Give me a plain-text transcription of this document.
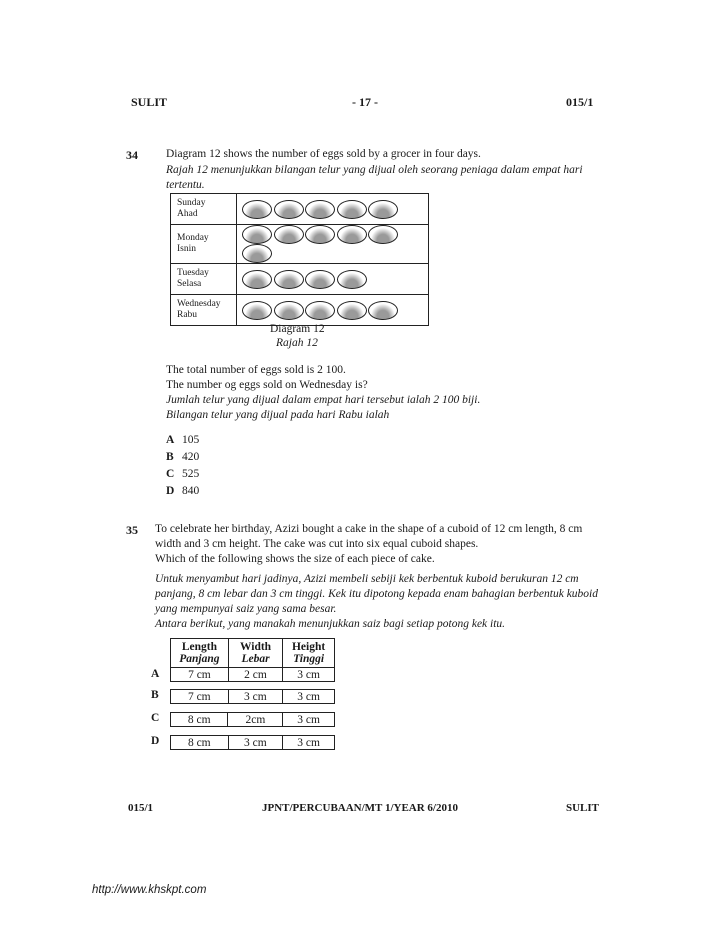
SULIT	- 17 -	015/1
34 Diagram 12 shows the number of eggs sold by a grocer in four days.
Rajah 12 menunjukkan bilangan telur yang dijual oleh seorang peniaga dalam empat hari
tertentu.
Sunday
Ahad	

Monday
Isnin	

Tuesday
Selasa	

Wednesday
Rabu	

Diagram 12
Rajah 12
The total number of eggs sold is 2 100.
The number og eggs sold on Wednesday is?
Jumlah telur yang dijual dalam empat hari tersebut ialah 2 100 biji.
Bilangan telur yang dijual pada hari Rabu ialah
A 105
B 420
C 525
D 840
35 To celebrate her birthday, Azizi bought a cake in the shape of a cuboid of 12 cm length, 8 cm
width and 3 cm height. The cake was cut into six equal cuboid shapes.
Which of the following shows the size of each piece of cake.
Untuk menyambut hari jadinya, Azizi membeli sebiji kek berbentuk kuboid berukuran 12 cm
panjang, 8 cm lebar dan 3 cm tinggi. Kek itu dipotong kepada enam bahagian berbentuk kuboid
yang mempunyai saiz yang sama besar.
Antara berikut, yang manakah menunjukkan saiz bagi setiap potong kek itu.
Length
Panjang	Width
Lebar	Height
Tinggi
7 cm	2 cm	3 cm
A
7 cm	3 cm	3 cm
B
8 cm	2cm	3 cm
C
8 cm	3 cm	3 cm
D
015/1	JPNT/PERCUBAAN/MT 1/YEAR 6/2010	SULIT
http://www.khskpt.com
